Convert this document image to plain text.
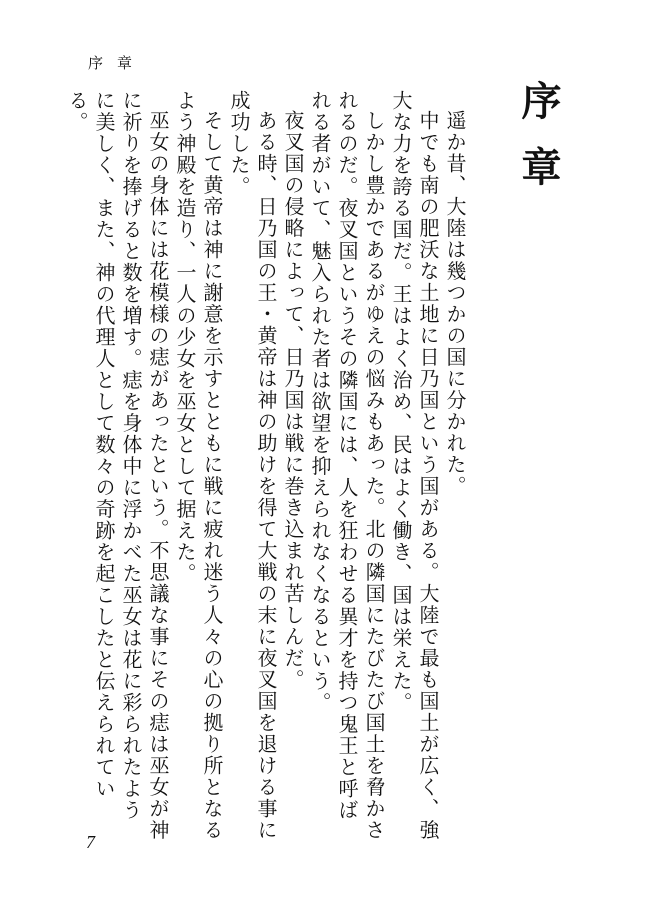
序章
序章

遥か昔、大陸は幾つかの国に分かれた。

中でも南の肥沃な土地に日乃国という国がある。大陸で最も国土が広く、強大な力を誇る国だ。王はよく治め、民はよく働き、国は栄えた。

しかし豊かであるがゆえの悩みもあった。北の隣国にたびたび国土を脅かされるのだ。夜叉国というその隣国には、人を狂わせる異才を持つ鬼王と呼ばれる者がいて、魅入られた者は欲望を抑えられなくなるという。

夜叉国の侵略によって、日乃国は戦に巻き込まれ苦しんだ。

ある時、日乃国の王・黄帝は神の助けを得て大戦の末に夜叉国を退ける事に成功した。

そして黄帝は神に謝意を示すとともに戦に疲れ迷う人々の心の拠り所となるよう神殿を造り、一人の少女を巫女として据えた。

巫女の身体には花模様の痣があったという。不思議な事にその痣は巫女が神に祈りを捧げると数を増す。痣を身体中に浮かべた巫女は花に彩られたように美しく、また、神の代理人として数々の奇跡を起こしたと伝えられている。

7
